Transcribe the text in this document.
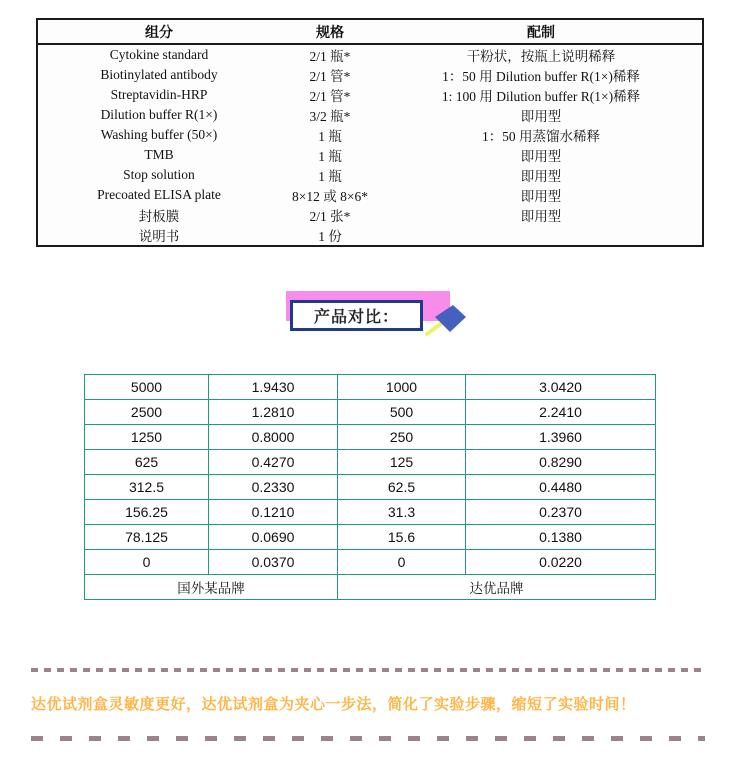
组分	规格	配制
Cytokine standard	2/1 瓶*	干粉状，按瓶上说明稀释
Biotinylated antibody	2/1 管*	1：50 用 Dilution buffer R(1×)稀释
Streptavidin-HRP	2/1 管*	1: 100 用 Dilution buffer R(1×)稀释
Dilution buffer R(1×)	3/2 瓶*	即用型
Washing buffer (50×)	1 瓶	1：50 用蒸馏水稀释
TMB	1 瓶	即用型
Stop solution	1 瓶	即用型
Precoated ELISA plate	8×12 或 8×6*	即用型
封板膜	2/1 张*	即用型
说明书	1 份	
产品对比：
5000	1.9430	1000	3.0420
2500	1.2810	500	2.2410
1250	0.8000	250	1.3960
625	0.4270	125	0.8290
312.5	0.2330	62.5	0.4480
156.25	0.1210	31.3	0.2370
78.125	0.0690	15.6	0.1380
0	0.0370	0	0.0220
国外某品牌		达优品牌	
达优试剂盒灵敏度更好，达优试剂盒为夹心一步法，简化了实验步骤，缩短了实验时间！
